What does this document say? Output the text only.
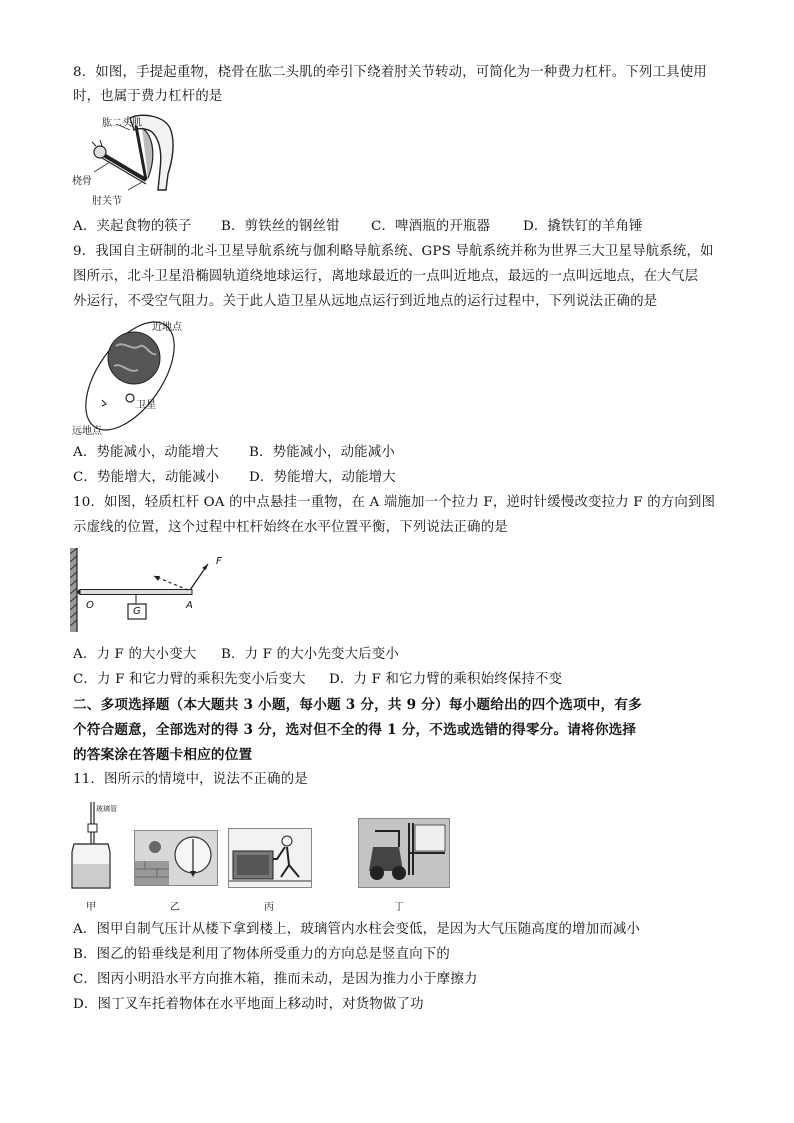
8．如图，手提起重物，桡骨在肱二头肌的牵引下绕着肘关节转动，可简化为一种费力杠杆。下列工具使用
时，也属于费力杠杆的是
肱二头肌
桡骨
肘关节
A．夹起食物的筷子 B．剪铁丝的钢丝钳 C．啤酒瓶的开瓶器 D．撬铁钉的羊角锤
9．我国自主研制的北斗卫星导航系统与伽利略导航系统、GPS 导航系统并称为世界三大卫星导航系统，如
图所示，北斗卫星沿椭圆轨道绕地球运行，离地球最近的一点叫近地点，最远的一点叫远地点，在大气层
外运行，不受空气阻力。关于此人造卫星从远地点运行到近地点的运行过程中，下列说法正确的是
近地点
卫星
远地点
A．势能减小，动能增大 B．势能减小，动能减小
C．势能增大，动能减小 D．势能增大，动能增大
10．如图，轻质杠杆 OA 的中点悬挂一重物，在 A 端施加一个拉力 F，逆时针缓慢改变拉力 F 的方向到图
示虚线的位置，这个过程中杠杆始终在水平位置平衡，下列说法正确的是
O	A
G
F
A．力 F 的大小变大 B．力 F 的大小先变大后变小
C．力 F 和它力臂的乘积先变小后变大 D．力 F 和它力臂的乘积始终保持不变
二、多项选择题（本大题共 3 小题，每小题 3 分，共 9 分）每小题给出的四个选项中，有多
个符合题意，全部选对的得 3 分，选对但不全的得 1 分，不选或选错的得零分。请将你选择
的答案涂在答题卡相应的位置
11．图所示的情境中，说法不正确的是
玻璃管
甲	乙	丙	丁
A．图甲自制气压计从楼下拿到楼上，玻璃管内水柱会变低，是因为大气压随高度的增加而减小
B．图乙的铅垂线是利用了物体所受重力的方向总是竖直向下的
C．图丙小明沿水平方向推木箱，推而未动，是因为推力小于摩擦力
D．图丁叉车托着物体在水平地面上移动时，对货物做了功
